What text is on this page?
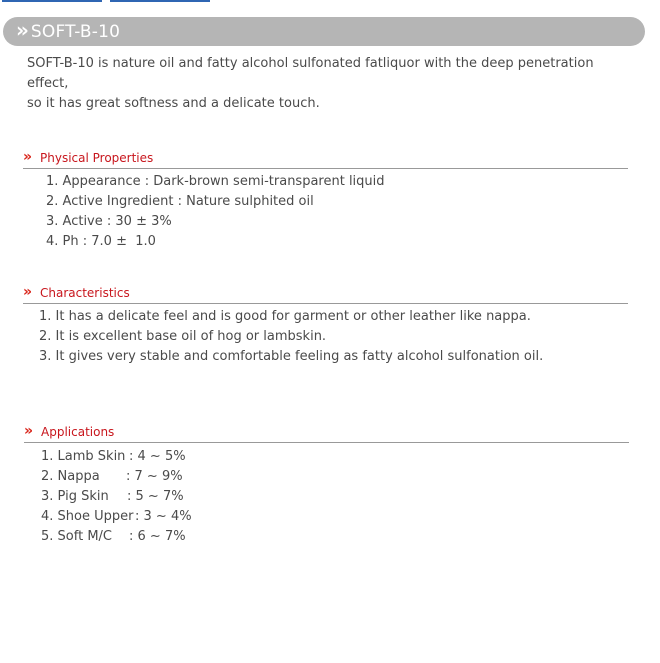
» SOFT-B-10

SOFT-B-10 is nature oil and fatty alcohol sulfonated fatliquor with the deep penetration effect,

so it has great softness and a delicate touch.

» Physical Properties
1. Appearance : Dark-brown semi-transparent liquid
2. Active Ingredient : Nature sulphited oil
3. Active : 30 ± 3%
4. Ph : 7.0 ±  1.0
» Characteristics
1. It has a delicate feel and is good for garment or other leather like nappa.
2. It is excellent base oil of hog or lambskin.
3. It gives very stable and comfortable feeling as fatty alcohol sulfonation oil.
» Applications
1. Lamb Skin : 4 ~ 5%
2. Nappa	: 7 ~ 9%
3. Pig Skin	: 5 ~ 7%
4. Shoe Upper : 3 ~ 4%
5. Soft M/C	: 6 ~ 7%
